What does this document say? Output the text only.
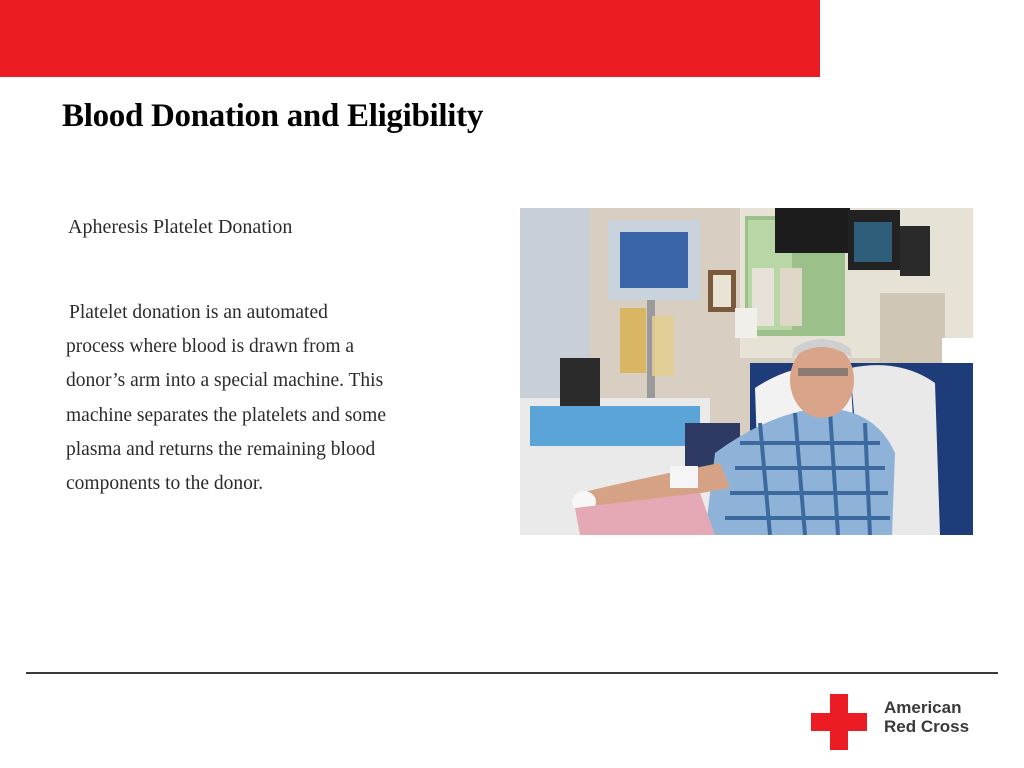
Blood Donation and Eligibility
Apheresis Platelet Donation
Platelet donation is an automated process where blood is drawn from a donor’s arm into a special machine. This machine separates the platelets and some plasma and returns the remaining blood components to the donor.
American
Red Cross
